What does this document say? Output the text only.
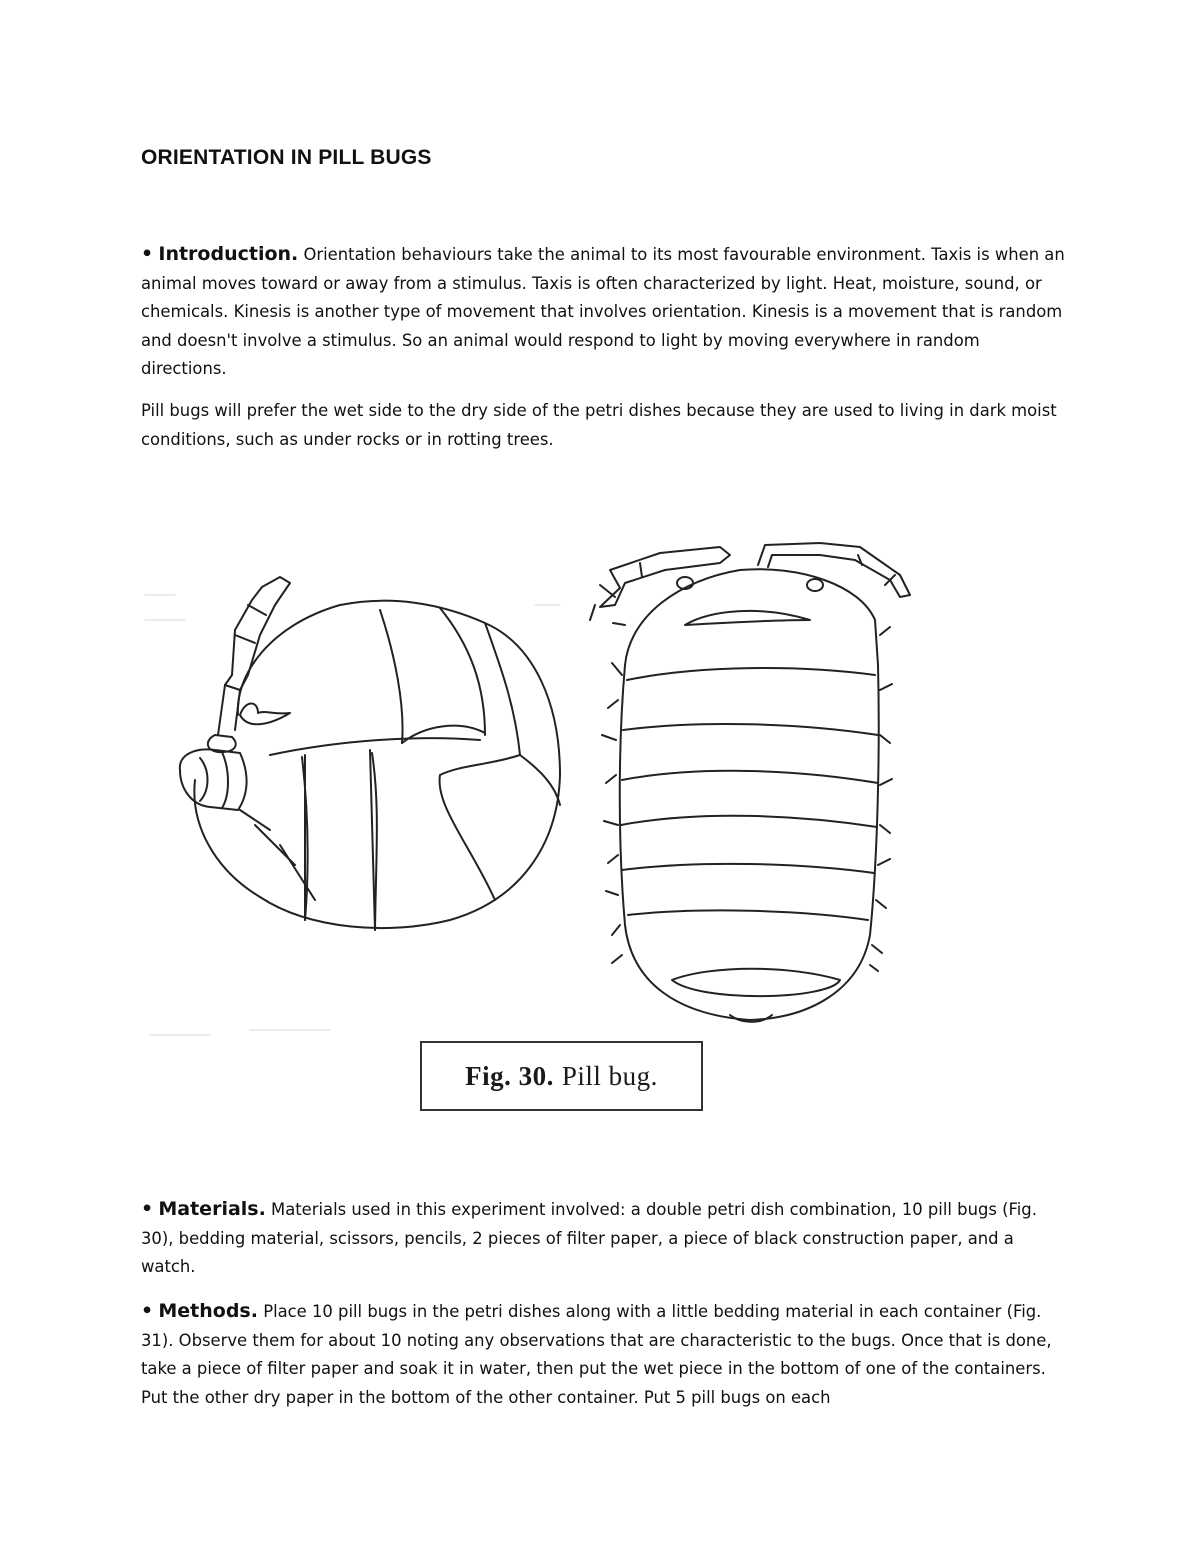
ORIENTATION IN PILL BUGS

• Introduction. Orientation behaviours take the animal to its most favourable environment. Taxis is when an animal moves toward or away from a stimulus. Taxis is often characterized by light. Heat, moisture, sound, or chemicals. Kinesis is another type of movement that involves orientation. Kinesis is a movement that is random and doesn't involve a stimulus. So an animal would respond to light by moving everywhere in random directions.

Pill bugs will prefer the wet side to the dry side of the petri dishes because they are used to living in dark moist conditions, such as under rocks or in rotting trees.

Fig. 30. Pill bug.

• Materials. Materials used in this experiment involved: a double petri dish combination, 10 pill bugs (Fig. 30), bedding material, scissors, pencils, 2 pieces of filter paper, a piece of black construction paper, and a watch.

• Methods. Place 10 pill bugs in the petri dishes along with a little bedding material in each container (Fig. 31). Observe them for about 10 noting any observations that are characteristic to the bugs. Once that is done, take a piece of filter paper and soak it in water, then put the wet piece in the bottom of one of the containers. Put the other dry paper in the bottom of the other container. Put 5 pill bugs on each
